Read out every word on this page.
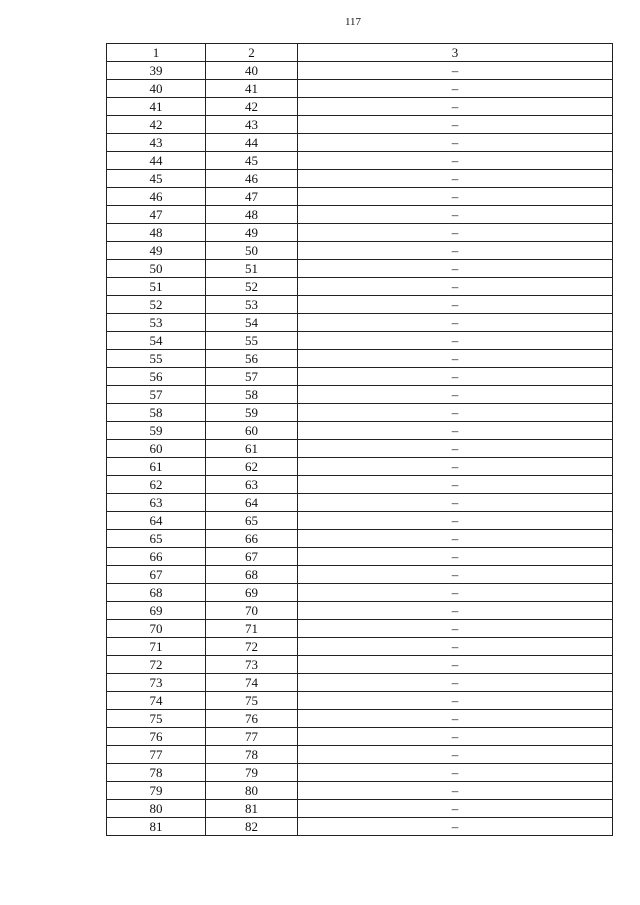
117
1	2	3
39	40	–
40	41	–
41	42	–
42	43	–
43	44	–
44	45	–
45	46	–
46	47	–
47	48	–
48	49	–
49	50	–
50	51	–
51	52	–
52	53	–
53	54	–
54	55	–
55	56	–
56	57	–
57	58	–
58	59	–
59	60	–
60	61	–
61	62	–
62	63	–
63	64	–
64	65	–
65	66	–
66	67	–
67	68	–
68	69	–
69	70	–
70	71	–
71	72	–
72	73	–
73	74	–
74	75	–
75	76	–
76	77	–
77	78	–
78	79	–
79	80	–
80	81	–
81	82	–
